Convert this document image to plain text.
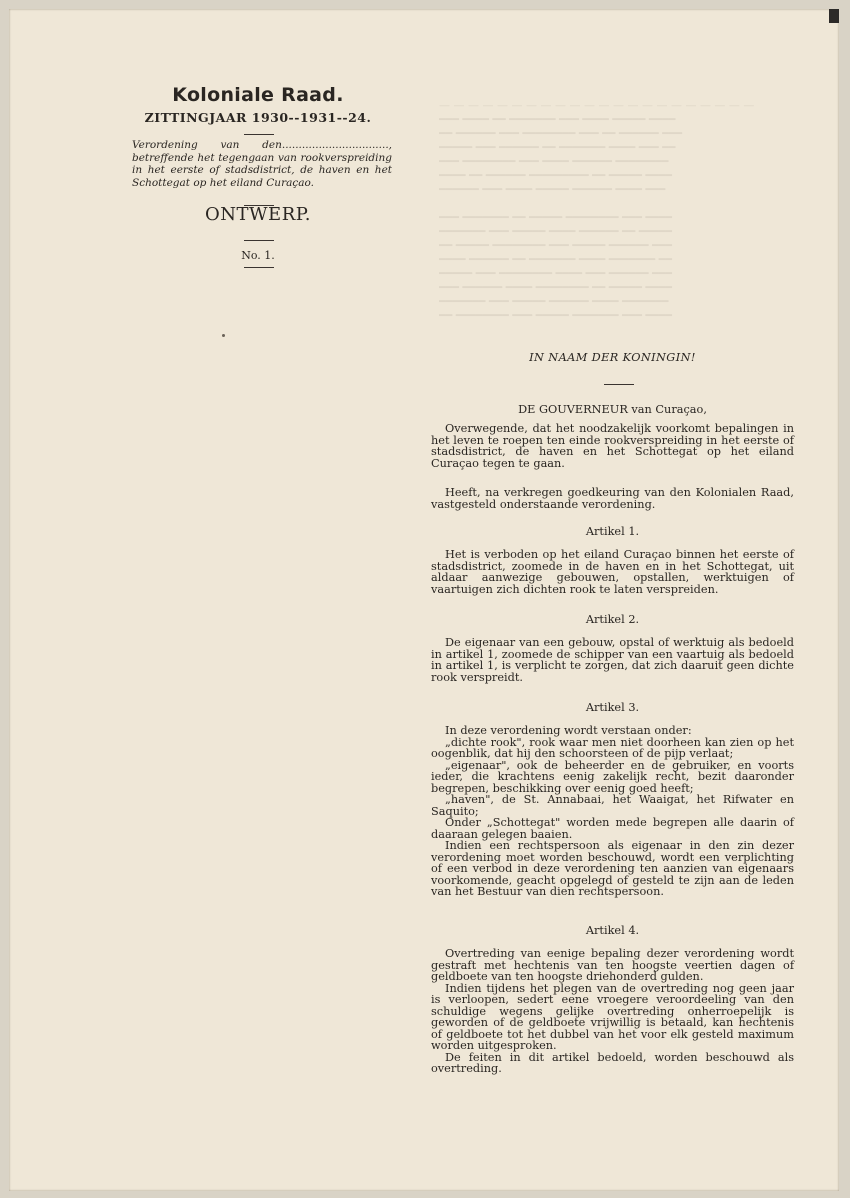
— — — — — — — — — — — — — — — — — — — — — —
━━━ ━━━━ ━━ ━━━━━━━ ━━━ ━━━━ ━━━━━ ━━━━
━━ ━━━━━━ ━━━ ━━━━━━━━ ━━━ ━━ ━━━━━━ ━━━
━━━━━ ━━━ ━━━━━━ ━━ ━━━━━━━ ━━━━ ━━━ ━━
━━━ ━━━━━━━━ ━━━ ━━━━ ━━━━━━ ━━━━━━━━
━━━━ ━━ ━━━━━━ ━━━━━━━━━ ━━ ━━━━━ ━━━━
━━━━━━ ━━━ ━━━━ ━━━━━ ━━━━━━ ━━━━ ━━━

━━━ ━━━━━━━ ━━ ━━━━━ ━━━━━━━━ ━━━ ━━━━
━━━━━━━ ━━━ ━━━━━ ━━━━ ━━━━━━ ━━ ━━━━━
━━ ━━━━━ ━━━━━━━━ ━━━ ━━━━━ ━━━━━━ ━━━
━━━━ ━━━━━━ ━━ ━━━━━━━ ━━━━ ━━━━━━━ ━━
━━━━━ ━━━ ━━━━━━━━ ━━━━ ━━━ ━━━━━━ ━━━
━━━ ━━━━━━ ━━━━ ━━━━━━━━ ━━ ━━━━━ ━━━━
━━━━━━━ ━━━ ━━━━━ ━━━━━━ ━━━━ ━━━━━━━
━━ ━━━━━━━━ ━━━ ━━━━━ ━━━━━━━ ━━━ ━━━━
Koloniale Raad.
ZITTINGJAAR 1930--1931--24.
Verordening van den................................, betreffende het tegengaan van rookverspreiding in het eerste of stadsdistrict, de haven en het Schottegat op het eiland Curaçao.
ONTWERP.
No. 1.
IN NAAM DER KONINGIN!
DE GOUVERNEUR van Curaçao,

Overwegende, dat het noodzakelijk voorkomt bepalingen in het leven te roepen ten einde rookverspreiding in het eerste of stadsdistrict, de haven en het Schottegat op het eiland Curaçao tegen te gaan.

Heeft, na verkregen goedkeuring van den Kolonialen Raad, vastgesteld onderstaande verordening.

Artikel 1.

Het is verboden op het eiland Curaçao binnen het eerste of stadsdistrict, zoomede in de haven en in het Schottegat, uit aldaar aanwezige gebouwen, opstallen, werktuigen of vaartuigen zich dichten rook te laten verspreiden.

Artikel 2.

De eigenaar van een gebouw, opstal of werktuig als bedoeld in artikel 1, zoomede de schipper van een vaartuig als bedoeld in artikel 1, is verplicht te zorgen, dat zich daaruit geen dichte rook verspreidt.

Artikel 3.

In deze verordening wordt verstaan onder:

„dichte rook", rook waar men niet doorheen kan zien op het oogenblik, dat hij den schoorsteen of de pijp verlaat;

„eigenaar", ook de beheerder en de gebruiker, en voorts ieder, die krachtens eenig zakelijk recht, bezit daaronder begrepen, beschikking over eenig goed heeft;

„haven", de St. Annabaai, het Waaigat, het Rifwater en Saquito;

Onder „Schottegat" worden mede begrepen alle daarin of daaraan gelegen baaien.

Indien een rechtspersoon als eigenaar in den zin dezer verordening moet worden beschouwd, wordt een verplichting of een verbod in deze verordening ten aanzien van eigenaars voorkomende, geacht opgelegd of gesteld te zijn aan de leden van het Bestuur van dien rechtspersoon.

Artikel 4.

Overtreding van eenige bepaling dezer verordening wordt gestraft met hechtenis van ten hoogste veertien dagen of geldboete van ten hoogste driehonderd gulden.

Indien tijdens het plegen van de overtreding nog geen jaar is verloopen, sedert eene vroegere veroordeeling van den schuldige wegens gelijke overtreding onherroepelijk is geworden of de geldboete vrijwillig is betaald, kan hechtenis of geldboete tot het dubbel van het voor elk gesteld maximum worden uitgesproken.

De feiten in dit artikel bedoeld, worden beschouwd als overtreding.
